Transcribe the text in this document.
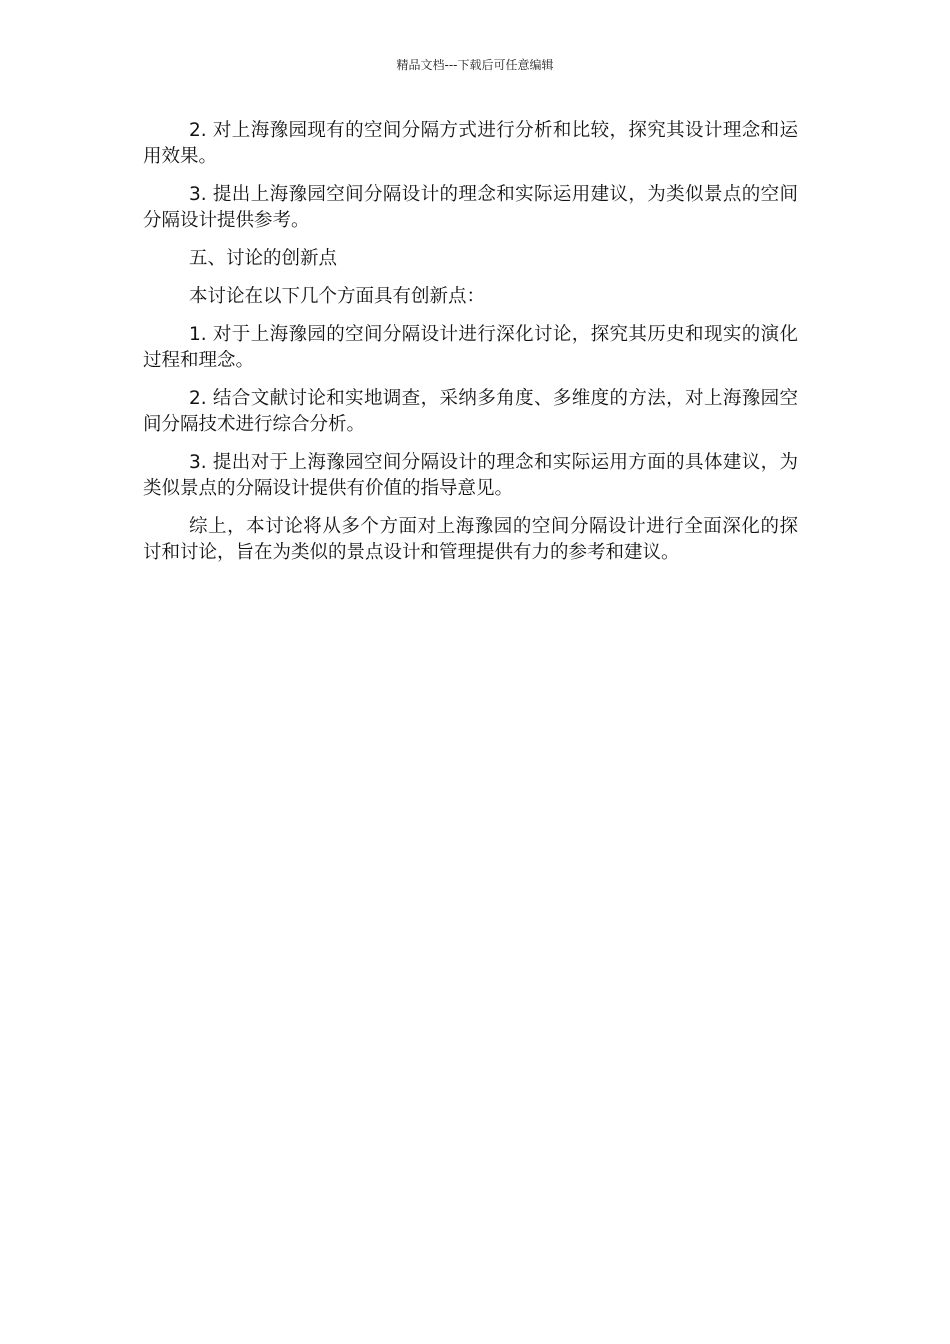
精品文档---下载后可任意编辑

2. 对上海豫园现有的空间分隔方式进行分析和比较，探究其设计理念和运用效果。

3. 提出上海豫园空间分隔设计的理念和实际运用建议，为类似景点的空间分隔设计提供参考。

五、讨论的创新点

本讨论在以下几个方面具有创新点：

1. 对于上海豫园的空间分隔设计进行深化讨论，探究其历史和现实的演化过程和理念。

2. 结合文献讨论和实地调查，采纳多角度、多维度的方法，对上海豫园空间分隔技术进行综合分析。

3. 提出对于上海豫园空间分隔设计的理念和实际运用方面的具体建议，为类似景点的分隔设计提供有价值的指导意见。

综上，本讨论将从多个方面对上海豫园的空间分隔设计进行全面深化的探讨和讨论，旨在为类似的景点设计和管理提供有力的参考和建议。
